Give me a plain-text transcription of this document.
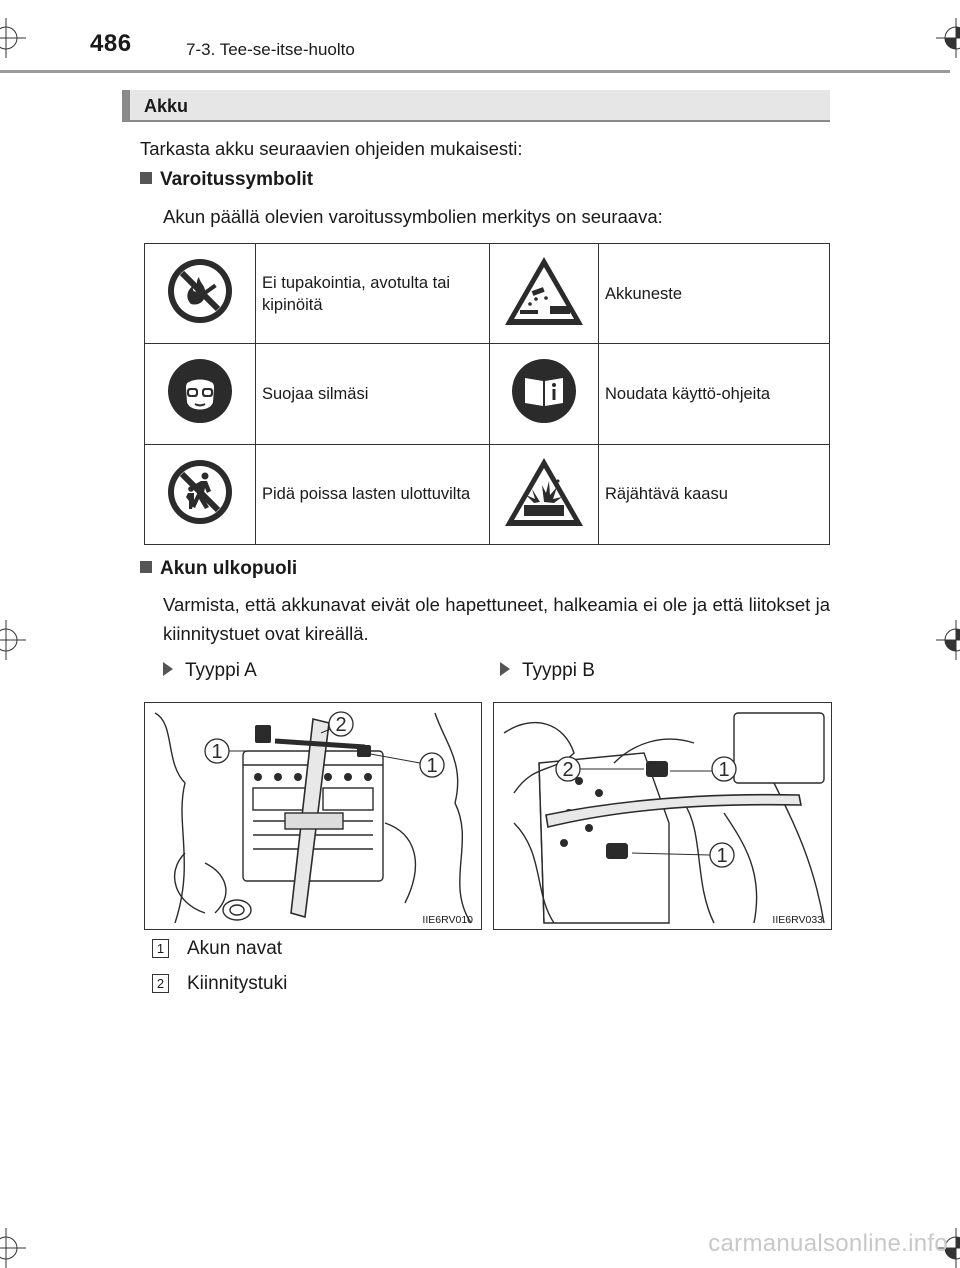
486	7-3. Tee-se-itse-huolto
Akku
Tarkasta akku seuraavien ohjeiden mukaisesti:
Varoitussymbolit
Akun päällä olevien varoitussymbolien merkitys on seuraava:
	Ei tupakointia, avotulta tai kipinöitä		Akkuneste
	Suojaa silmäsi		Noudata käyttö-ohjeita
	Pidä poissa lasten ulottuvilta		Räjähtävä kaasu
Akun ulkopuoli
Varmista, että akkunavat eivät ole hapettuneet, halkeamia ei ole ja että liitokset ja kiinnitystuet ovat kireällä.
Tyyppi A	Tyyppi B
1
2
1
IIE6RV010
2	1
1
IIE6RV033
1 Akun navat
2 Kiinnitystuki
carmanualsonline.info
